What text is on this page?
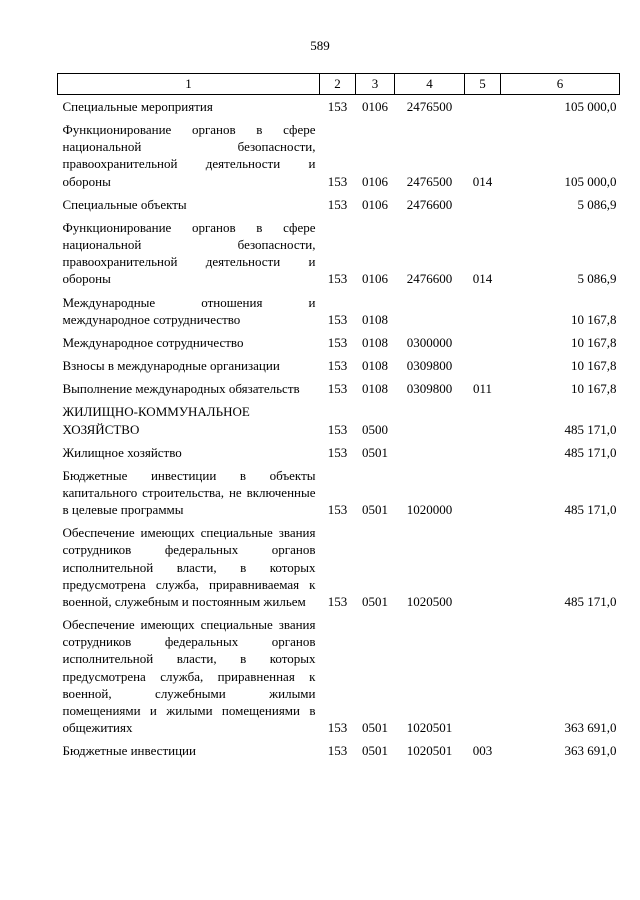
589
1	2	3	4	5	6
Специальные мероприятия	153	0106	2476500		105 000,0
Функционирование органов в сфере национальной безопасности, правоохранительной деятельности и обороны	153	0106	2476500	014	105 000,0
Специальные объекты	153	0106	2476600		5 086,9
Функционирование органов в сфере национальной безопасности, правоохранительной деятельности и обороны	153	0106	2476600	014	5 086,9
Международные отношения и международное сотрудничество	153	0108			10 167,8
Международное сотрудничество	153	0108	0300000		10 167,8
Взносы в международные организации	153	0108	0309800		10 167,8
Выполнение международных обязательств	153	0108	0309800	011	10 167,8
ЖИЛИЩНО-КОММУНАЛЬНОЕ ХОЗЯЙСТВО	153	0500			485 171,0
Жилищное хозяйство	153	0501			485 171,0
Бюджетные инвестиции в объекты капитального строительства, не включенные в целевые программы	153	0501	1020000		485 171,0
Обеспечение имеющих специальные звания сотрудников федеральных органов исполнительной власти, в которых предусмотрена служба, приравниваемая к военной, служебным и постоянным жильем	153	0501	1020500		485 171,0
Обеспечение имеющих специальные звания сотрудников федеральных органов исполнительной власти, в которых предусмотрена служба, приравненная к военной, служебными жилыми помещениями и жилыми помещениями в общежитиях	153	0501	1020501		363 691,0
Бюджетные инвестиции	153	0501	1020501	003	363 691,0
